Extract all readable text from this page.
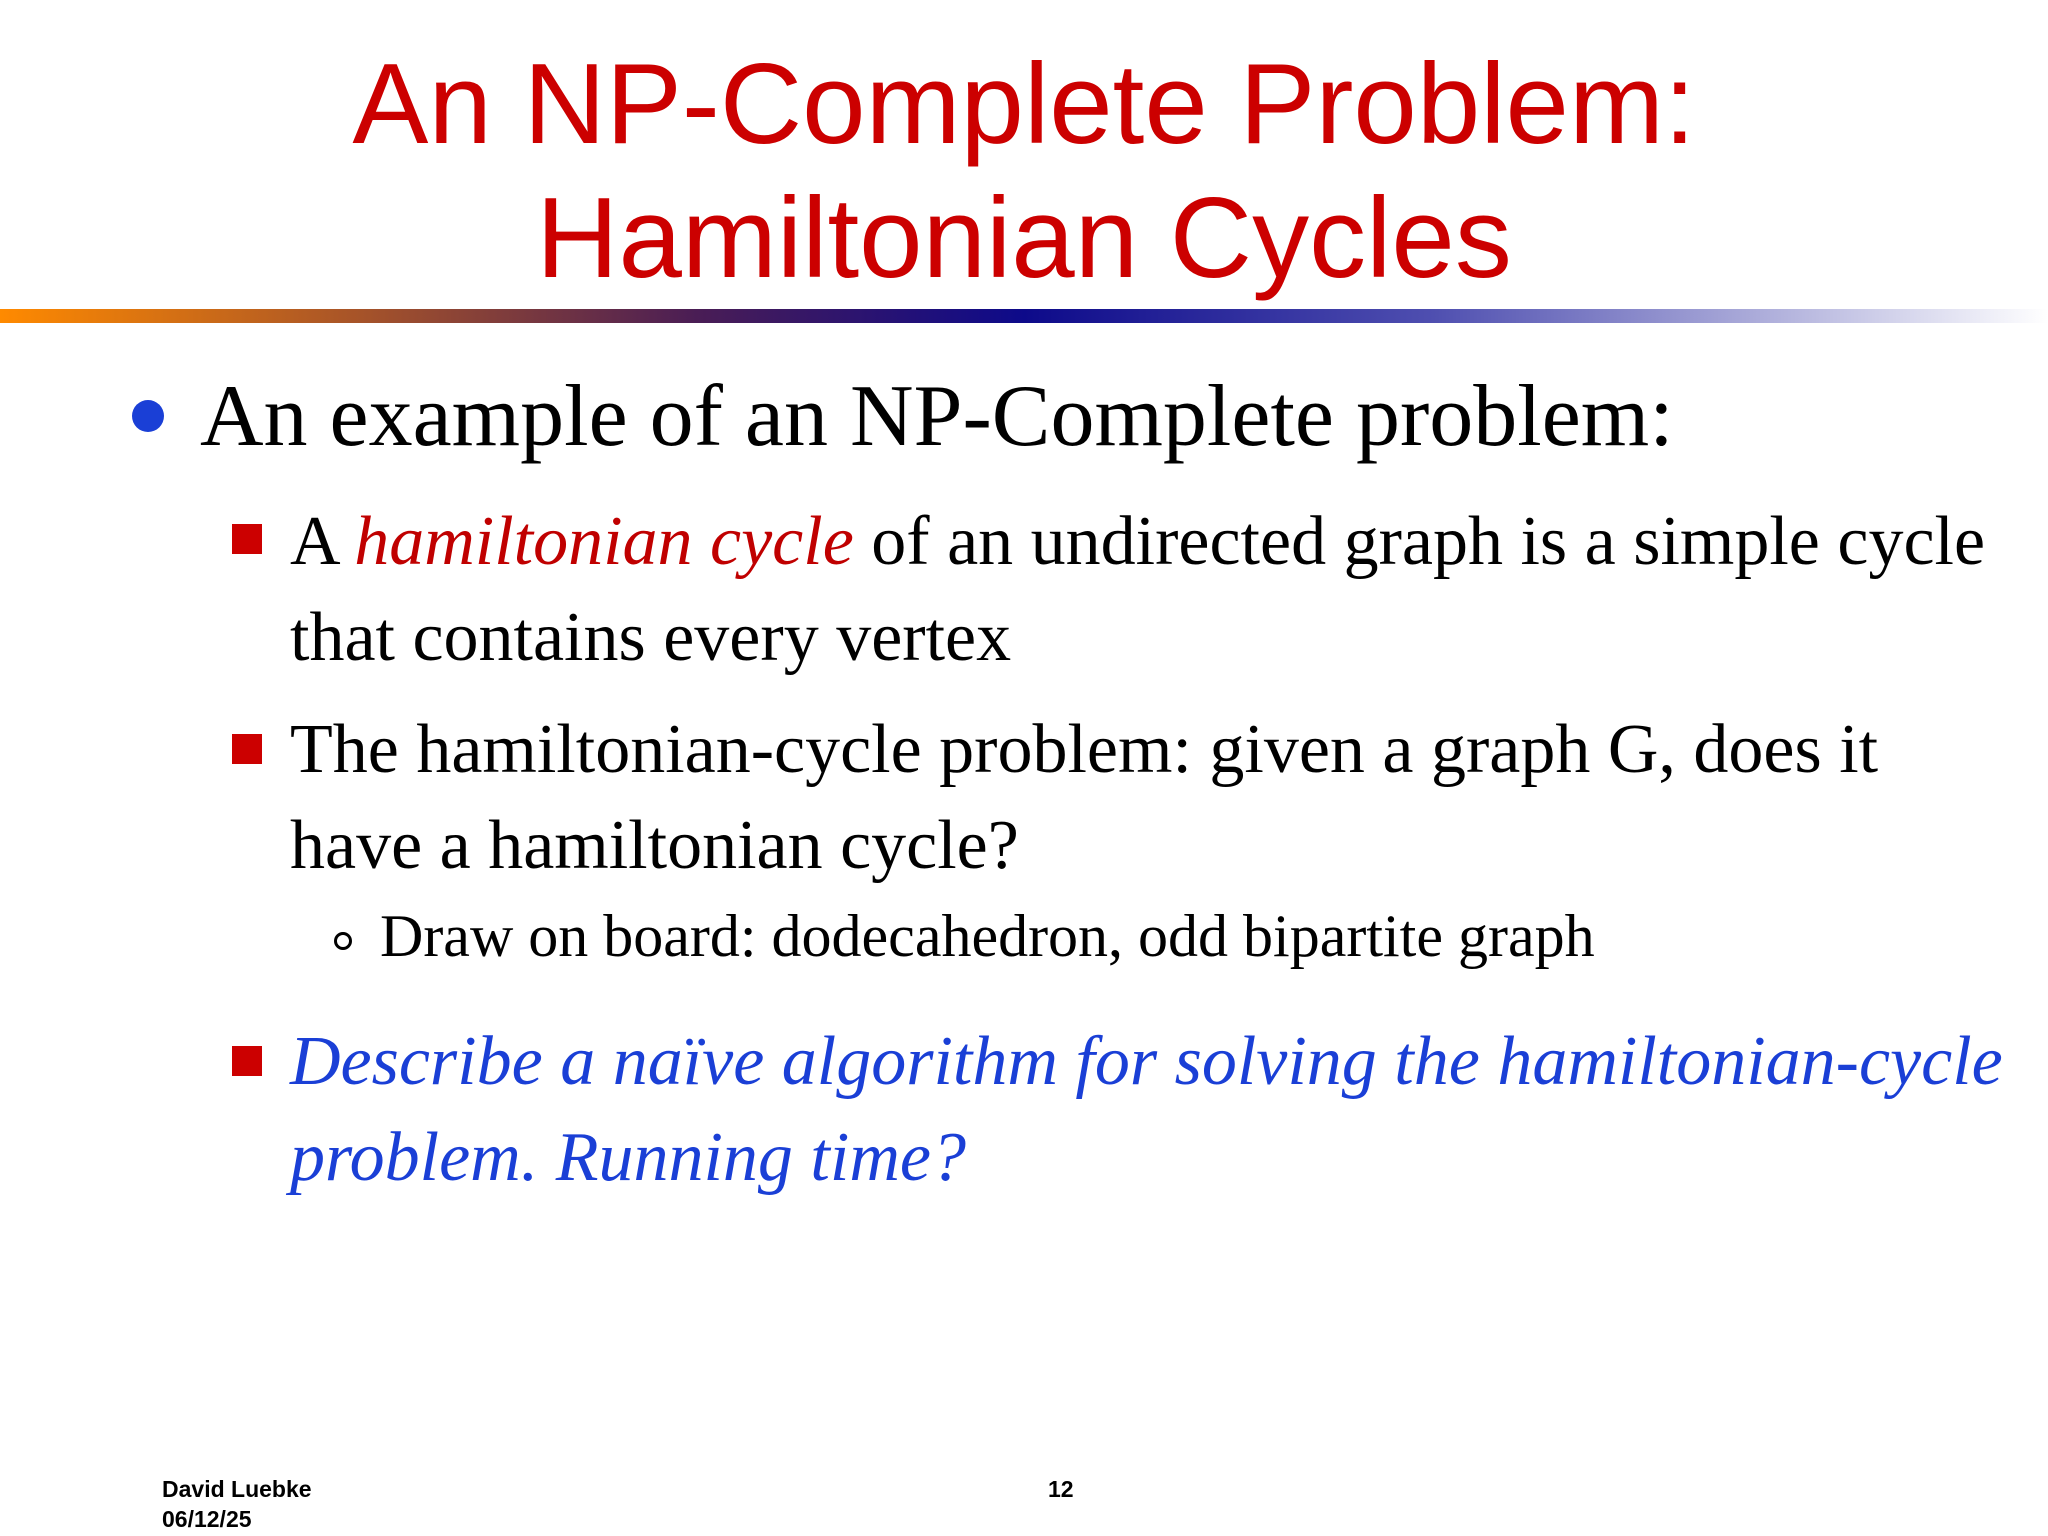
An NP-Complete Problem:
Hamiltonian Cycles
An example of an NP-Complete problem:
A hamiltonian cycle of an undirected graph is a simple cycle that contains every vertex
The hamiltonian-cycle problem: given a graph G, does it have a hamiltonian cycle?
Draw on board: dodecahedron, odd bipartite graph
Describe a naïve algorithm for solving the hamiltonian-cycle problem. Running time?
David Luebke
06/12/25
12
